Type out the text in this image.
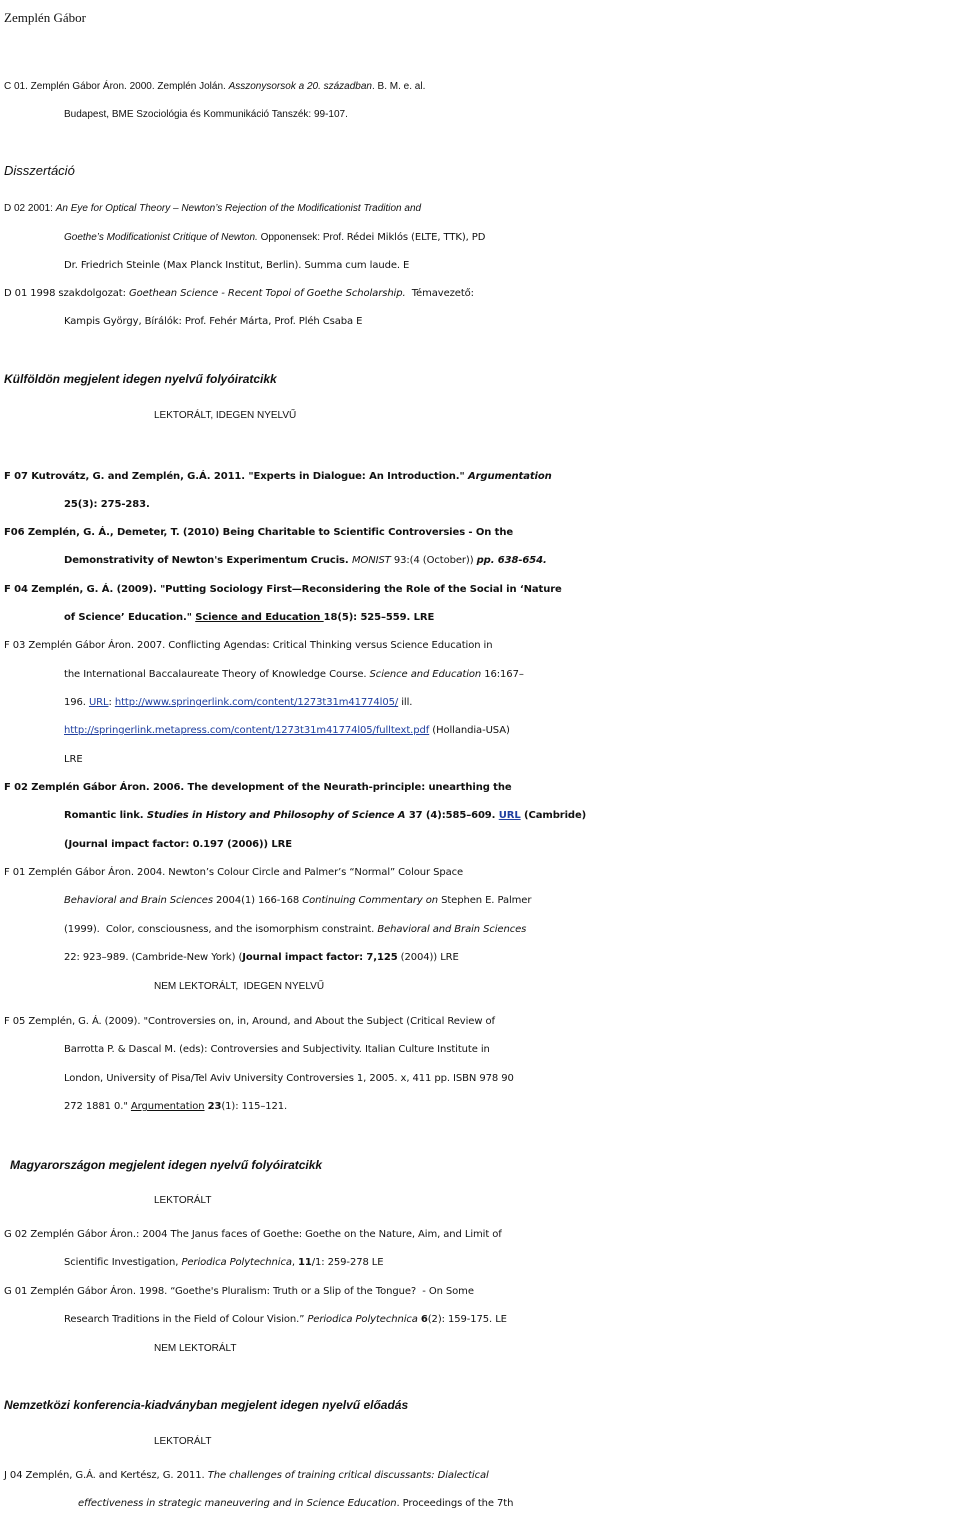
Zemplén Gábor
C 01. Zemplén Gábor Áron. 2000. Zemplén Jolán. Asszonysorsok a 20. században. B. M. e. al.
Budapest, BME Szociológia és Kommunikáció Tanszék: 99-107.
Disszertáció
D 02 2001: An Eye for Optical Theory – Newton’s Rejection of the Modificationist Tradition and
Goethe’s Modificationist Critique of Newton. Opponensek: Prof. Rédei Miklós (ELTE, TTK), PD
Dr. Friedrich Steinle (Max Planck Institut, Berlin). Summa cum laude. E
D 01 1998 szakdolgozat: Goethean Science - Recent Topoi of Goethe Scholarship.  Témavezető:
Kampis György, Bírálók: Prof. Fehér Márta, Prof. Pléh Csaba E
Külföldön megjelent idegen nyelvű folyóiratcikk
LEKTORÁLT, IDEGEN NYELVŰ
F 07 Kutrovátz, G. and Zemplén, G.Á. 2011. "Experts in Dialogue: An Introduction." Argumentation
25(3): 275-283.
F06 Zemplén, G. Á., Demeter, T. (2010) Being Charitable to Scientific Controversies - On the
Demonstrativity of Newton's Experimentum Crucis. MONIST 93:(4 (October)) pp. 638-654.
F 04 Zemplén, G. Á. (2009). "Putting Sociology First—Reconsidering the Role of the Social in ‘Nature
of Science’ Education." Science and Education 18(5): 525–559. LRE
F 03 Zemplén Gábor Áron. 2007. Conflicting Agendas: Critical Thinking versus Science Education in
the International Baccalaureate Theory of Knowledge Course. Science and Education 16:167–
196. URL: http://www.springerlink.com/content/1273t31m41774l05/ ill.
http://springerlink.metapress.com/content/1273t31m41774l05/fulltext.pdf (Hollandia-USA)
LRE
F 02 Zemplén Gábor Áron. 2006. The development of the Neurath-principle: unearthing the
Romantic link. Studies in History and Philosophy of Science A 37 (4):585–609. URL (Cambride)
(Journal impact factor: 0.197 (2006)) LRE
F 01 Zemplén Gábor Áron. 2004. Newton’s Colour Circle and Palmer’s “Normal” Colour Space
Behavioral and Brain Sciences 2004(1) 166-168 Continuing Commentary on Stephen E. Palmer
(1999).  Color, consciousness, and the isomorphism constraint. Behavioral and Brain Sciences
22: 923–989. (Cambride-New York) (Journal impact factor: 7,125 (2004)) LRE
NEM LEKTORÁLT,  IDEGEN NYELVŰ
F 05 Zemplén, G. Á. (2009). "Controversies on, in, Around, and About the Subject (Critical Review of
Barrotta P. & Dascal M. (eds): Controversies and Subjectivity. Italian Culture Institute in
London, University of Pisa/Tel Aviv University Controversies 1, 2005. x, 411 pp. ISBN 978 90
272 1881 0." Argumentation 23(1): 115–121.
Magyarországon megjelent idegen nyelvű folyóiratcikk
LEKTORÁLT
G 02 Zemplén Gábor Áron.: 2004 The Janus faces of Goethe: Goethe on the Nature, Aim, and Limit of
Scientific Investigation, Periodica Polytechnica, 11/1: 259-278 LE
G 01 Zemplén Gábor Áron. 1998. “Goethe's Pluralism: Truth or a Slip of the Tongue?  - On Some
Research Traditions in the Field of Colour Vision.” Periodica Polytechnica 6(2): 159-175. LE
NEM LEKTORÁLT
Nemzetközi konferencia-kiadványban megjelent idegen nyelvű előadás
LEKTORÁLT
J 04 Zemplén, G.Á. and Kertész, G. 2011. The challenges of training critical discussants: Dialectical
effectiveness in strategic maneuvering and in Science Education. Proceedings of the 7th
